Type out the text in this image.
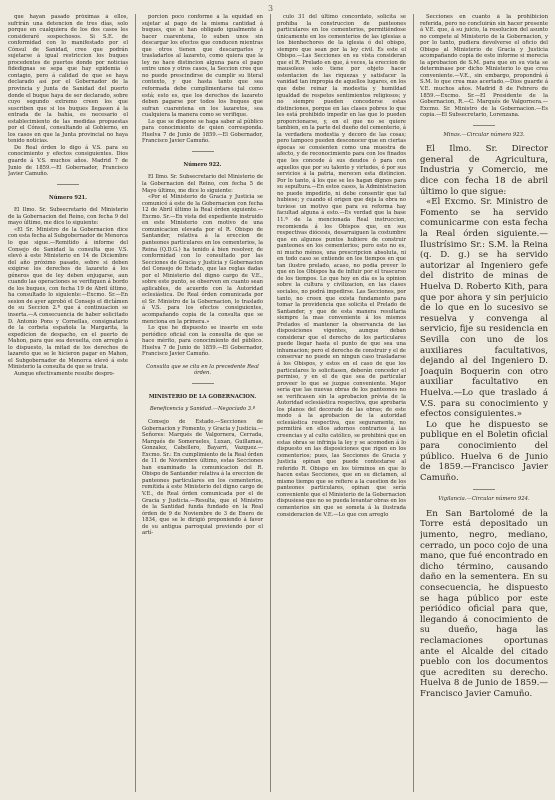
3

que hayan pasado próximas á ellos, sufrirán una detencion de tres días, solo porque en cualquiera de los dos casos les consideraré sospechosos. Si S.E. de conformidad con lo manifestado por el Cónsul de Sanidad, cree que podrán sujetarse á igual restriccion los buques procedentes de puertos donde por noticias fidedignas se sepa que hay epidemia ó contagio, pero á calidad de que se haya declarado así por el Gobernador de la provincia y Junta de Sanidad del puerto donde el buque haya de ser declarado, sobre cuyo segundo extremo creen los que suscriben que si los buques llegasen á la entrada de la bahía, es necesario el establecimiento de las medidas propuestas por el Cónsul, consultando al Gobierno, en los casos en que la Junta provincial no haya tenido noticias.

De Real órden lo digo á V.S. para su conocimiento y efectos consiguientes. Dios guarde á V.S. muchos años. Madrid 7 de Junio de 1859.—El Gobernador, Francisco Javier Camuño.

Número 921.

El Ilmo. Sr. Subsecretario del Ministerio de la Gobernacion del Reino, con fecha 9 del mayo último, me dice lo siguiente:

«El Sr. Ministro de la Gobernacion dice con esta fecha al Subgobernador de Menorca lo que sigue.—Remitido á informe del Consejo de Sanidad la consulta que V.S. elevó á este Ministerio en 14 de Diciembre del año próximo pasado, sobre si deben exigirse los derechos de lazareto á los géneros que de ley deben enjugarse, aun cuando las operaciones se verifiquen á bordo de los buques, con fecha 19 de Abril último, ha consultado lo siguiente:—Excmo. Sr.—En sesion de ayer aprobó el Consejo el dictámen de su Seccion 2.ª que á continuacion se inserta.—A consecuencia de haber solicitado D. Antonio Pons y Cornellas, consignatario de la corbeta española la Margarita, la expedicion de despacho, en el puerto de Mahon, para que sea devuelta, con arreglo á lo dispuesto, la mitad de los derechos de lazareto que se le hicieron pagar en Mahon, el Subgobernador de Menorca elevó á este Ministerio la consulta de que se trata.

Aunque efectivamente resulte despro-

porcion poco conforme á la equidad en sujetar al pago de la misma cantidad á buques, que si han obligado igualmente á hacer cuarentena, lo suben unos sin descargar los efectos que conducen mientras que otros tienen que descargarlos y trasladarlos al lazareto, como quiera que la ley no hace distincion alguna para el pago entre unos y otros casos, la Seccion cree que no puede prescindirse de cumplir su literal contexto, y que hasta tanto que sea reformada debe cumplimentarse tal como está; esto es, que los derechos de lazareto deben pagarse por todos los buques que sufran cuarentena en los lazaretos, sea cualquiera la manera como se verifique.

Lo que se dispone se haga saber al público para conocimiento de quien corresponda. Huelva 7 de Junio de 1859.—El Gobernador, Francisco Javier Camuño.

Número 922.

El Ilmo. Sr. Subsecretario del Ministerio de la Gobernacion del Reino, con fecha 5 de Mayo último, me dice lo siguiente:

«Por el Ministerio de Gracia y Justicia se comunicó á este de la Gobernacion con fecha 12 de Abril último la Real órden siguiente.—Excmo. Sr.—En vista del expediente instruido en este Ministerio con motivo de una comunicacion elevada por el R. Obispo de Santander, relativa á la ereccion de panteones particulares en los cementerios, la Reina (Q.D.G.) ha tenido á bien resolver, de conformidad con lo consultado por las Secciones de Gracia y Justicia y Gobernacion del Consejo de Estado, que las reglas dadas por el Ministerio del digno cargo de V.E., sobre este punto, se observen en cuanto sean aplicables, de acuerdo con la Autoridad eclesiástica. De Real órden comunicada por el Sr. Ministro de la Gobernacion, lo traslado á V.S. para los efectos consiguientes, acompañando copia de la consulta que se menciona en la primera.»

Lo que he dispuesto se inserte en este periódico oficial con la consulta de que se hace mérito, para conocimiento del público. Huelva 7 de Junio de 1859.—El Gobernador, Francisco Javier Camuño.

Consulta que se cita en la precedente Real órden.

MINISTERIO DE LA GOBERNACION.

Beneficencia y Sanidad.—Negociado 3.º

Consejo de Estado.—Secciones de Gobernacion y Fomento, y Gracia y Justicia.—Señores: Marqués de Valgornera, Cerrada, Marqués de Somerueles, Luxan, Guillamas, Gonzalez, Cabellero, Bayarri, Vazquez.—Excmo. Sr.: En cumplimiento de la Real órden de 11 de Noviembre último, estas Secciones han examinado la comunicacion del R. Obispo de Santander relativa á la ereccion de panteones particulares en los cementerios, remitida á este Ministerio del digno cargo de V.E., de Real órden comunicada por el de Gracia y Justicia.—Resulta, que el Ministro de la Santidad funda fundado en la Real órden de 9 de Noviembre de 3 de Enero de 1834, que se le dirigió proponiendo á favor de su antigua parroquial previendo por el artí-

culo 31 del último concordato, solicita se prohiba la construccion de panteones particulares en los cementerios, permitiéndose únicamente en los cementerios de las iglesias a los bienhechores de la iglesia ó del obispo, siempre que sean por la ley civil. Es este el Obispo.—Las Secciones en su vista consideran que el R. Prelado en que, á veces, la ereccion de mausoleos solo tiene por objeto hacer ostentacion de las riquezas y satisfacer la vanidad tan impropia de aquellos lugares, en los que debe reinar la modestia y humildad igualdad de respetos sentimientos religiosos; y no siempre pueden concederse estas distinciones, porque en las clases pobres lo que les está prohibido impedir en las que lo pueden proporcionarse, y, en el que no se quiere tambien, en la parte del dueño del cementerio, á la verdadera modestia y decoro de las cosas; pero tampoco pueden desconocer que en ciertas épocas se consienten como una muestra de afecto, y de reconocimiento para con los finados que les concede á sus deudos ó para con aquellos que por su talento y virtudes, ó por sus servicios á la patria, merecen esta distincion. Por lo tanto, á los que se les hagan dignos para su sepultura.—En estos casos, la Administracion no puede impedirlo, ni debe consentir que tal hubiese; y cuando el origen que deja la obra no tuviese un motivo que para su reforma hay facultad alguna á esto.—Es verdad que la base 11.ª de la mencionada Real instruccion, recomienda á los Obispos que, en sus respectivas diócesis, desarraiguen la costumbre que en algunos puntos hubiere de construir panteones en los cementerios; pero esto no es, ni mucho ménos, una prescripcion absoluta, ni en todo caso se entiende en los tiempos en que tan ilustre prelado, acaso, no podia prever lo que en los Obispos ha de influir por el trascurso de los tiempos. Lo que hoy en día es la opinion sobre la cultura y civilizacion, en las clases sociales, no podrá impedirse. Las Secciones, por tanto, no creen que exista fundamento para tomar la providencia que solicita el Prelado de Santander, y que de esta manera resultaria siempre la mas conveniente á los mismos Prelados el mantener la observancia de las disposiciones vigentes, aunque deban considerar que el derecho de los particulares puede llegar hasta el punto de que sea una inhumacion; pero el derecho de construir y el de conservar no puede en ningun caso trasladarse á los Obispos, y estos en el caso de que los particulares lo solicitasen, deberán conceder el permiso, y en el de que sea de particular proveer lo que se juzgue conveniente. Mejor sería que las nuevas obras de los panteones no se verificasen sin la aprobacion prévia de la Autoridad eclesiástica respectiva, que aprobaria los planos del decorado de las obras; de este modo á la aprobacion de la autoridad eclesiástica respectiva, que seguramente, no permitirá en ellos adornos contrarios á las creencias y al culto católico, se prohibirá que en estas obras se infrinja la ley y se acomoden á lo dispuesto en las disposiciones que rigen en los cementerios; pues, las Secciones de Gracia y Justicia opinan que puede contestarse al referido R. Obispo en los términos en que lo hacen estas Secciones, que en su dictamen, al mismo tiempo que se refiere a la cuestion de los panteones particulares, opinan que sería conveniente que el Ministerio de la Gobernacion dispusiese que no se pueda levantar obras en los cementerios sin que se someta á la ilustrada consideracion de V.E.—Lo que con arreglo

Secciones en cuanto á la prohibicion referida, pero no concluirán sin hacer presente á V.E. que, á su juicio, la resolucion del asunto no compete al Ministerio de la Gobernacion, y por lo tanto, pudiera devolverse el oficio del Obispo al Ministerio de Gracia y Justicia acompañando copia de este informe si merecia la aprobacion de S.M. para que en su vista se determinase por dicho Ministerio lo que crea conveniente.—V.E., sin embargo, propondrá á S.M. lo que crea mas acertado.—Dios guarde á V.E. muchos años. Madrid 8 de Febrero de 1859.—Excmo. Sr.—El Presidente de la Gobernacion, R.—C. Marqués de Valgornera.—Excmo. Sr. Ministro de la Gobernacion.—Es copia.—El Subsecretario, Lorenzana.

Minas.—Circular número 923.

El Ilmo. Sr. Director general de Agricultura, Industria y Comercio, me dice con fecha 18 de abril último lo que sigue:

«El Excmo. Sr. Ministro de Fomento se ha servido comunicarme con esta fecha la Real órden siguiente.—Ilustrísimo Sr.: S.M. la Reina (q. D. g.) se ha servido autorizar al Ingeniero gefe del distrito de minas de Huelva D. Roberto Kith, para que por ahora y sin perjuicio de lo que en lo sucesivo se resuelva y convenga al servicio, fije su residencia en Sevilla con uno de los auxiliares facultativos, dejando al del Ingeniero D. Joaquin Boquerin con otro auxiliar facultativo en Huelva.—Lo que traslado á V.S. para su conocimiento y efectos consiguientes.»

Lo que he dispuesto se publique en el Boletin oficial para conocimiento del público. Huelva 6 de Junio de 1859.—Francisco Javier Camuño.

Vigilancia.—Circular número 924.

En San Bartolomé de la Torre está depositado un jumento, negro, mediano, cerrado, un poco cojo de una mano, que fué encontrado en dicho término, causando daño en la sementera. En su consecuencia, he dispuesto se haga público por este periódico oficial para que, llegando á conocimiento de su dueño, haga las reclamaciones oportunas ante el Alcalde del citado pueblo con los documentos que acrediten su derecho. Huelva 8 de Junio de 1859.—Francisco Javier Camuño.
